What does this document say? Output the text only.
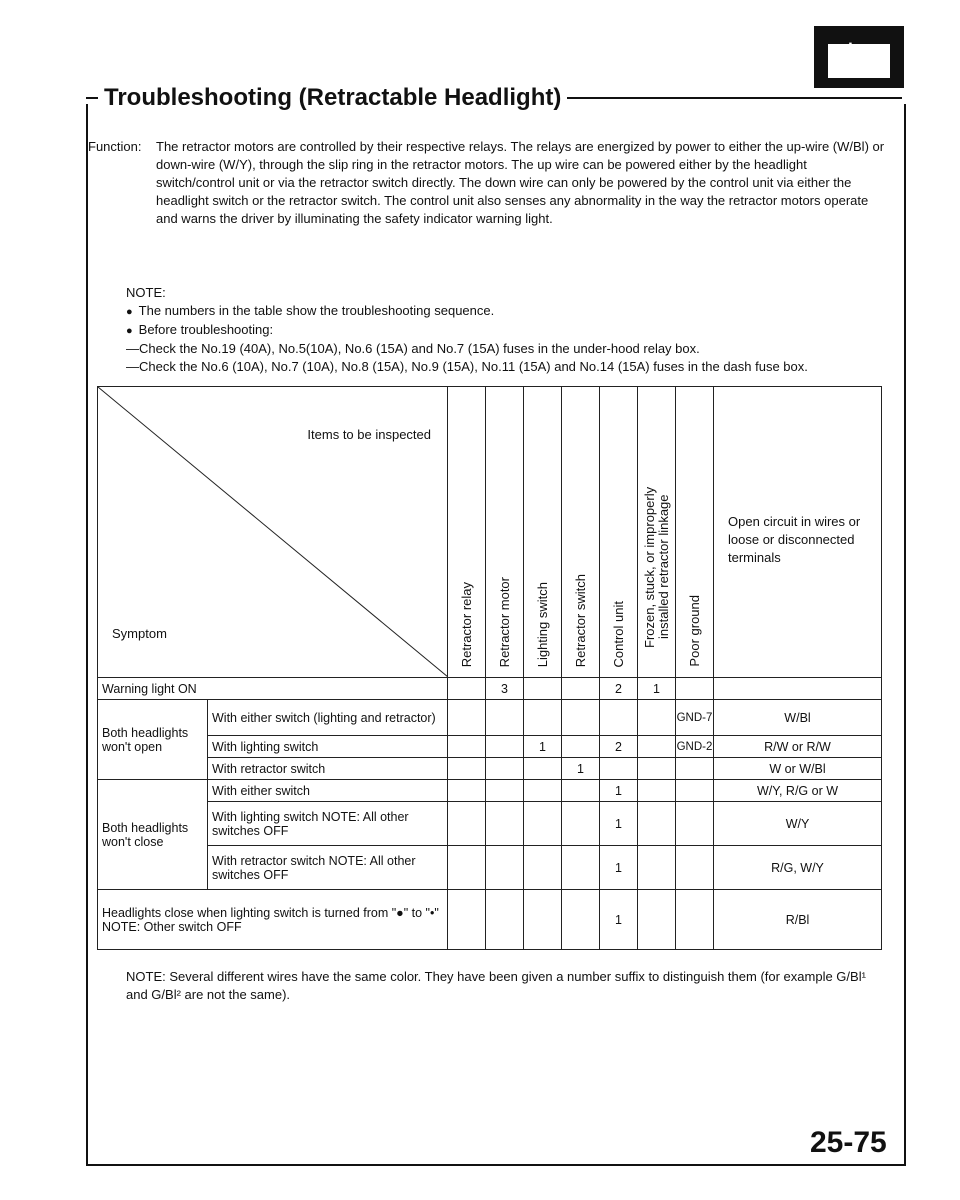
+ −
Troubleshooting (Retractable Headlight)
Function:	The retractor motors are controlled by their respective relays. The relays are energized by power to either the up-wire (W/Bl) or down-wire (W/Y), through the slip ring in the retractor motors. The up wire can be powered either by the headlight switch/control unit or via the retractor switch directly. The down wire can only be powered by the control unit via either the headlight switch or the retractor switch. The control unit also senses any abnormality in the way the retractor motors operate and warns the driver by illuminating the safety indicator warning light.

NOTE:

● The numbers in the table show the troubleshooting sequence.

● Before troubleshooting:

— Check the No.19 (40A), No.5(10A), No.6 (15A) and No.7 (15A) fuses in the under-hood relay box.

— Check the No.6 (10A), No.7 (10A), No.8 (15A), No.9 (15A), No.11 (15A) and No.14 (15A) fuses in the dash fuse box.

Items to be inspected
Symptom		Retractor relay	Retractor motor	Lighting switch	Retractor switch	Control unit	Frozen, stuck, or improperly installed retractor linkage	Poor ground	Open circuit in wires or loose or disconnected terminals
Warning light ON			3			2	1		
Both headlights won't open	With either switch (lighting and retractor)							GND-7	W/Bl
	With lighting switch			1		2		GND-2	R/W or R/W
	With retractor switch				1				W or W/Bl
Both headlights won't close	With either switch					1			W/Y, R/G or W
	With lighting switch NOTE: All other switches OFF					1			W/Y
	With retractor switch NOTE: All other switches OFF					1			R/G, W/Y
Headlights close when lighting switch is turned from "●" to "•" NOTE: Other switch OFF						1			R/Bl
NOTE: Several different wires have the same color. They have been given a number suffix to distinguish them (for example G/Bl¹ and G/Bl² are not the same).
25-75
